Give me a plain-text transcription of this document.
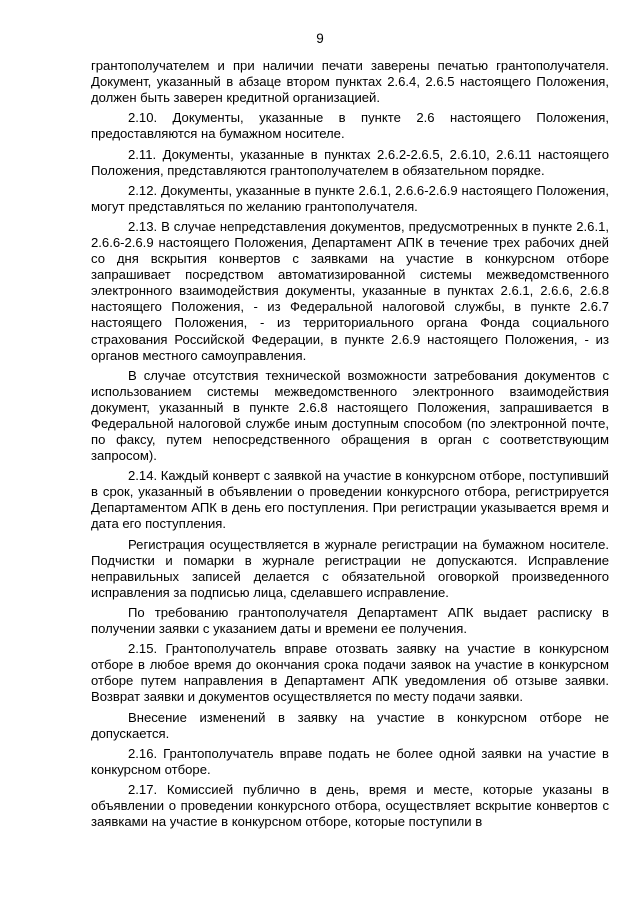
9

грантополучателем и при наличии печати заверены печатью грантополучателя. Документ, указанный в абзаце втором пунктах 2.6.4, 2.6.5 настоящего Положения, должен быть заверен кредитной организацией.

2.10. Документы, указанные в пункте 2.6 настоящего Положения, предоставляются на бумажном носителе.

2.11. Документы, указанные в пунктах 2.6.2-2.6.5, 2.6.10, 2.6.11 настоящего Положения, представляются грантополучателем в обязательном порядке.

2.12. Документы, указанные в пункте 2.6.1, 2.6.6-2.6.9 настоящего Положения, могут представляться по желанию грантополучателя.

2.13. В случае непредставления документов, предусмотренных в пункте 2.6.1, 2.6.6-2.6.9 настоящего Положения, Департамент АПК в течение трех рабочих дней со дня вскрытия конвертов с заявками на участие в конкурсном отборе запрашивает посредством автоматизированной системы межведомственного электронного взаимодействия документы, указанные в пунктах 2.6.1, 2.6.6, 2.6.8 настоящего Положения, - из Федеральной налоговой службы, в пункте 2.6.7 настоящего Положения, - из территориального органа Фонда социального страхования Российской Федерации, в пункте 2.6.9 настоящего Положения, - из органов местного самоуправления.

В случае отсутствия технической возможности затребования документов с использованием системы межведомственного электронного взаимодействия документ, указанный в пункте 2.6.8 настоящего Положения, запрашивается в Федеральной налоговой службе иным доступным способом (по электронной почте, по факсу, путем непосредственного обращения в орган с соответствующим запросом).

2.14. Каждый конверт с заявкой на участие в конкурсном отборе, поступивший в срок, указанный в объявлении о проведении конкурсного отбора, регистрируется Департаментом АПК в день его поступления. При регистрации указывается время и дата его поступления.

Регистрация осуществляется в журнале регистрации на бумажном носителе. Подчистки и помарки в журнале регистрации не допускаются. Исправление неправильных записей делается с обязательной оговоркой произведенного исправления за подписью лица, сделавшего исправление.

По требованию грантополучателя Департамент АПК выдает расписку в получении заявки с указанием даты и времени ее получения.

2.15. Грантополучатель вправе отозвать заявку на участие в конкурсном отборе в любое время до окончания срока подачи заявок на участие в конкурсном отборе путем направления в Департамент АПК уведомления об отзыве заявки. Возврат заявки и документов осуществляется по месту подачи заявки.

Внесение изменений в заявку на участие в конкурсном отборе не допускается.

2.16. Грантополучатель вправе подать не более одной заявки на участие в конкурсном отборе.

2.17. Комиссией публично в день, время и месте, которые указаны в объявлении о проведении конкурсного отбора, осуществляет вскрытие конвертов с заявками на участие в конкурсном отборе, которые поступили в
